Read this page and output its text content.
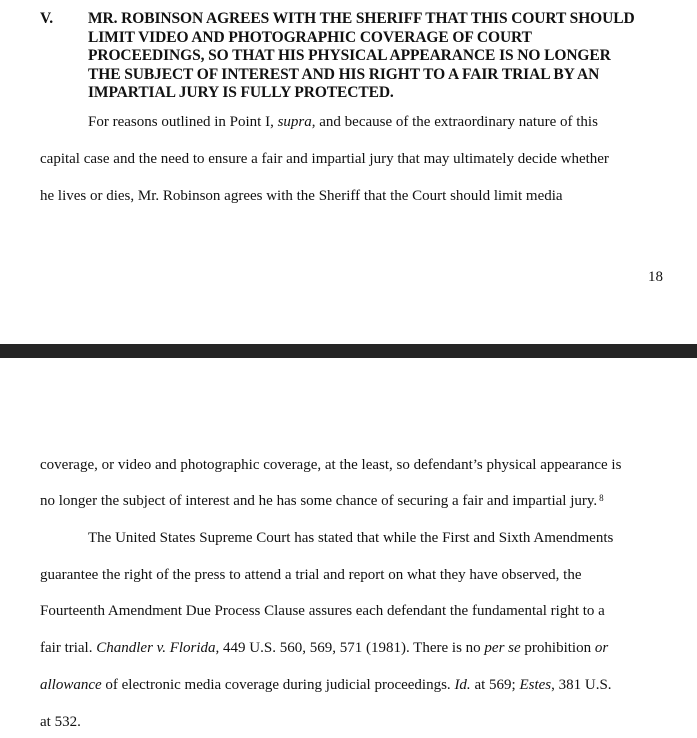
V. MR. ROBINSON AGREES WITH THE SHERIFF THAT THIS COURT SHOULD
LIMIT VIDEO AND PHOTOGRAPHIC COVERAGE OF COURT
PROCEEDINGS, SO THAT HIS PHYSICAL APPEARANCE IS NO LONGER
THE SUBJECT OF INTEREST AND HIS RIGHT TO A FAIR TRIAL BY AN
IMPARTIAL JURY IS FULLY PROTECTED.
For reasons outlined in Point I, supra, and because of the extraordinary nature of this
capital case and the need to ensure a fair and impartial jury that may ultimately decide whether
he lives or dies, Mr. Robinson agrees with the Sheriff that the Court should limit media
18
coverage, or video and photographic coverage, at the least, so defendant’s physical appearance is
no longer the subject of interest and he has some chance of securing a fair and impartial jury. $^8$
The United States Supreme Court has stated that while the First and Sixth Amendments
guarantee the right of the press to attend a trial and report on what they have observed, the
Fourteenth Amendment Due Process Clause assures each defendant the fundamental right to a
fair trial. Chandler v. Florida, 449 U.S. 560, 569, 571 (1981). There is no per se prohibition or
allowance of electronic media coverage during judicial proceedings. Id. at 569; Estes, 381 U.S.
at 532.
